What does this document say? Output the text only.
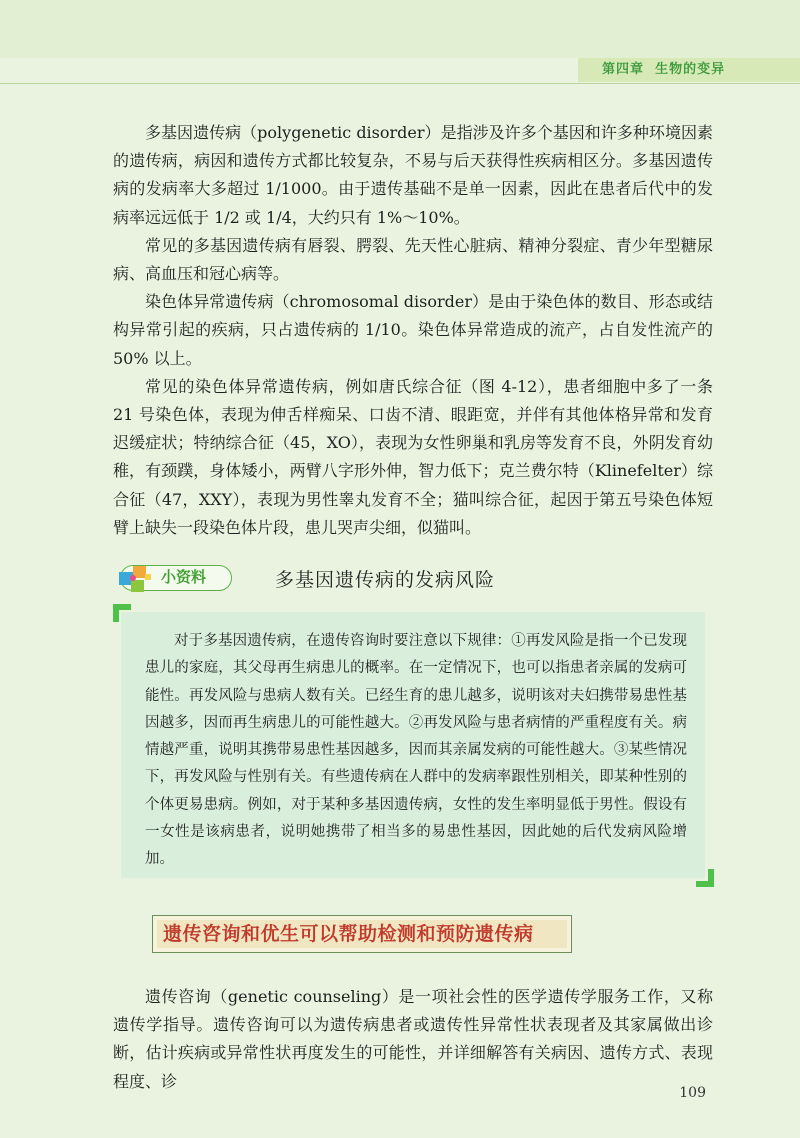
第四章 生物的变异

多基因遗传病（polygenetic disorder）是指涉及许多个基因和许多种环境因素的遗传病，病因和遗传方式都比较复杂，不易与后天获得性疾病相区分。多基因遗传病的发病率大多超过 1/1000。由于遗传基础不是单一因素，因此在患者后代中的发病率远远低于 1/2 或 1/4，大约只有 1%～10%。

常见的多基因遗传病有唇裂、腭裂、先天性心脏病、精神分裂症、青少年型糖尿病、高血压和冠心病等。

染色体异常遗传病（chromosomal disorder）是由于染色体的数目、形态或结构异常引起的疾病，只占遗传病的 1/10。染色体异常造成的流产，占自发性流产的 50% 以上。

常见的染色体异常遗传病，例如唐氏综合征（图 4-12），患者细胞中多了一条 21 号染色体，表现为伸舌样痴呆、口齿不清、眼距宽，并伴有其他体格异常和发育迟缓症状；特纳综合征（45，XO），表现为女性卵巢和乳房等发育不良，外阴发育幼稚，有颈蹼，身体矮小，两臂八字形外伸，智力低下；克兰费尔特（Klinefelter）综合征（47，XXY），表现为男性睾丸发育不全；猫叫综合征，起因于第五号染色体短臂上缺失一段染色体片段，患儿哭声尖细，似猫叫。

小资料	多基因遗传病的发病风险
对于多基因遗传病，在遗传咨询时要注意以下规律：①再发风险是指一个已发现患儿的家庭，其父母再生病患儿的概率。在一定情况下，也可以指患者亲属的发病可能性。再发风险与患病人数有关。已经生育的患儿越多，说明该对夫妇携带易患性基因越多，因而再生病患儿的可能性越大。②再发风险与患者病情的严重程度有关。病情越严重，说明其携带易患性基因越多，因而其亲属发病的可能性越大。③某些情况下，再发风险与性别有关。有些遗传病在人群中的发病率跟性别相关，即某种性别的个体更易患病。例如，对于某种多基因遗传病，女性的发生率明显低于男性。假设有一女性是该病患者，说明她携带了相当多的易患性基因，因此她的后代发病风险增加。
遗传咨询和优生可以帮助检测和预防遗传病

遗传咨询（genetic counseling）是一项社会性的医学遗传学服务工作，又称遗传学指导。遗传咨询可以为遗传病患者或遗传性异常性状表现者及其家属做出诊断，估计疾病或异常性状再度发生的可能性，并详细解答有关病因、遗传方式、表现程度、诊

109
